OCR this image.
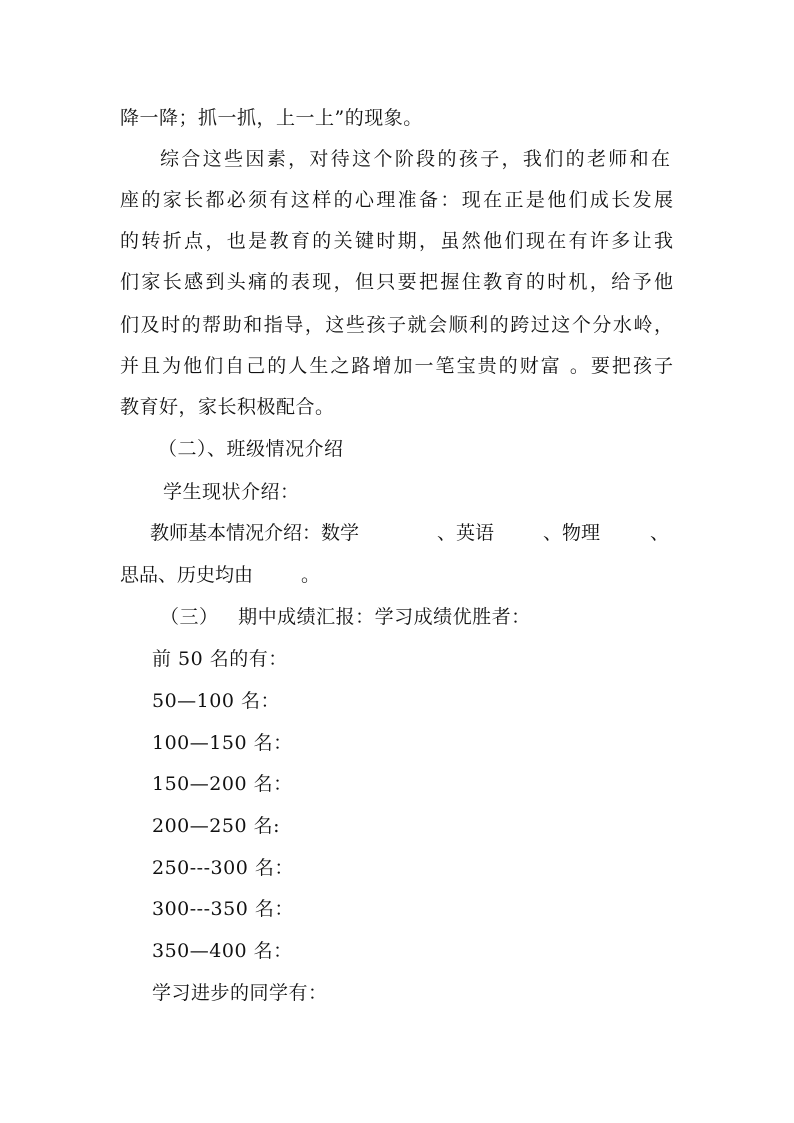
降一降；抓一抓，上一上”的现象。
综合这些因素，对待这个阶段的孩子，我们的老师和在
座的家长都必须有这样的心理准备：现在正是他们成长发展
的转折点，也是教育的关键时期，虽然他们现在有许多让我
们家长感到头痛的表现，但只要把握住教育的时机，给予他
们及时的帮助和指导，这些孩子就会顺利的跨过这个分水岭，
并且为他们自己的人生之路增加一笔宝贵的财富 。要把孩子
教育好，家长积极配合。
（二）、班级情况介绍
学生现状介绍：
教师基本情况介绍：数学	、英语	、物理	、
思品、历史均由	。
（三）   期中成绩汇报：学习成绩优胜者：
前 50 名的有：
50—100 名：
100—150 名：
150—200 名：
200—250 名:
250---300 名：
300---350 名：
350—400 名：
学习进步的同学有：
